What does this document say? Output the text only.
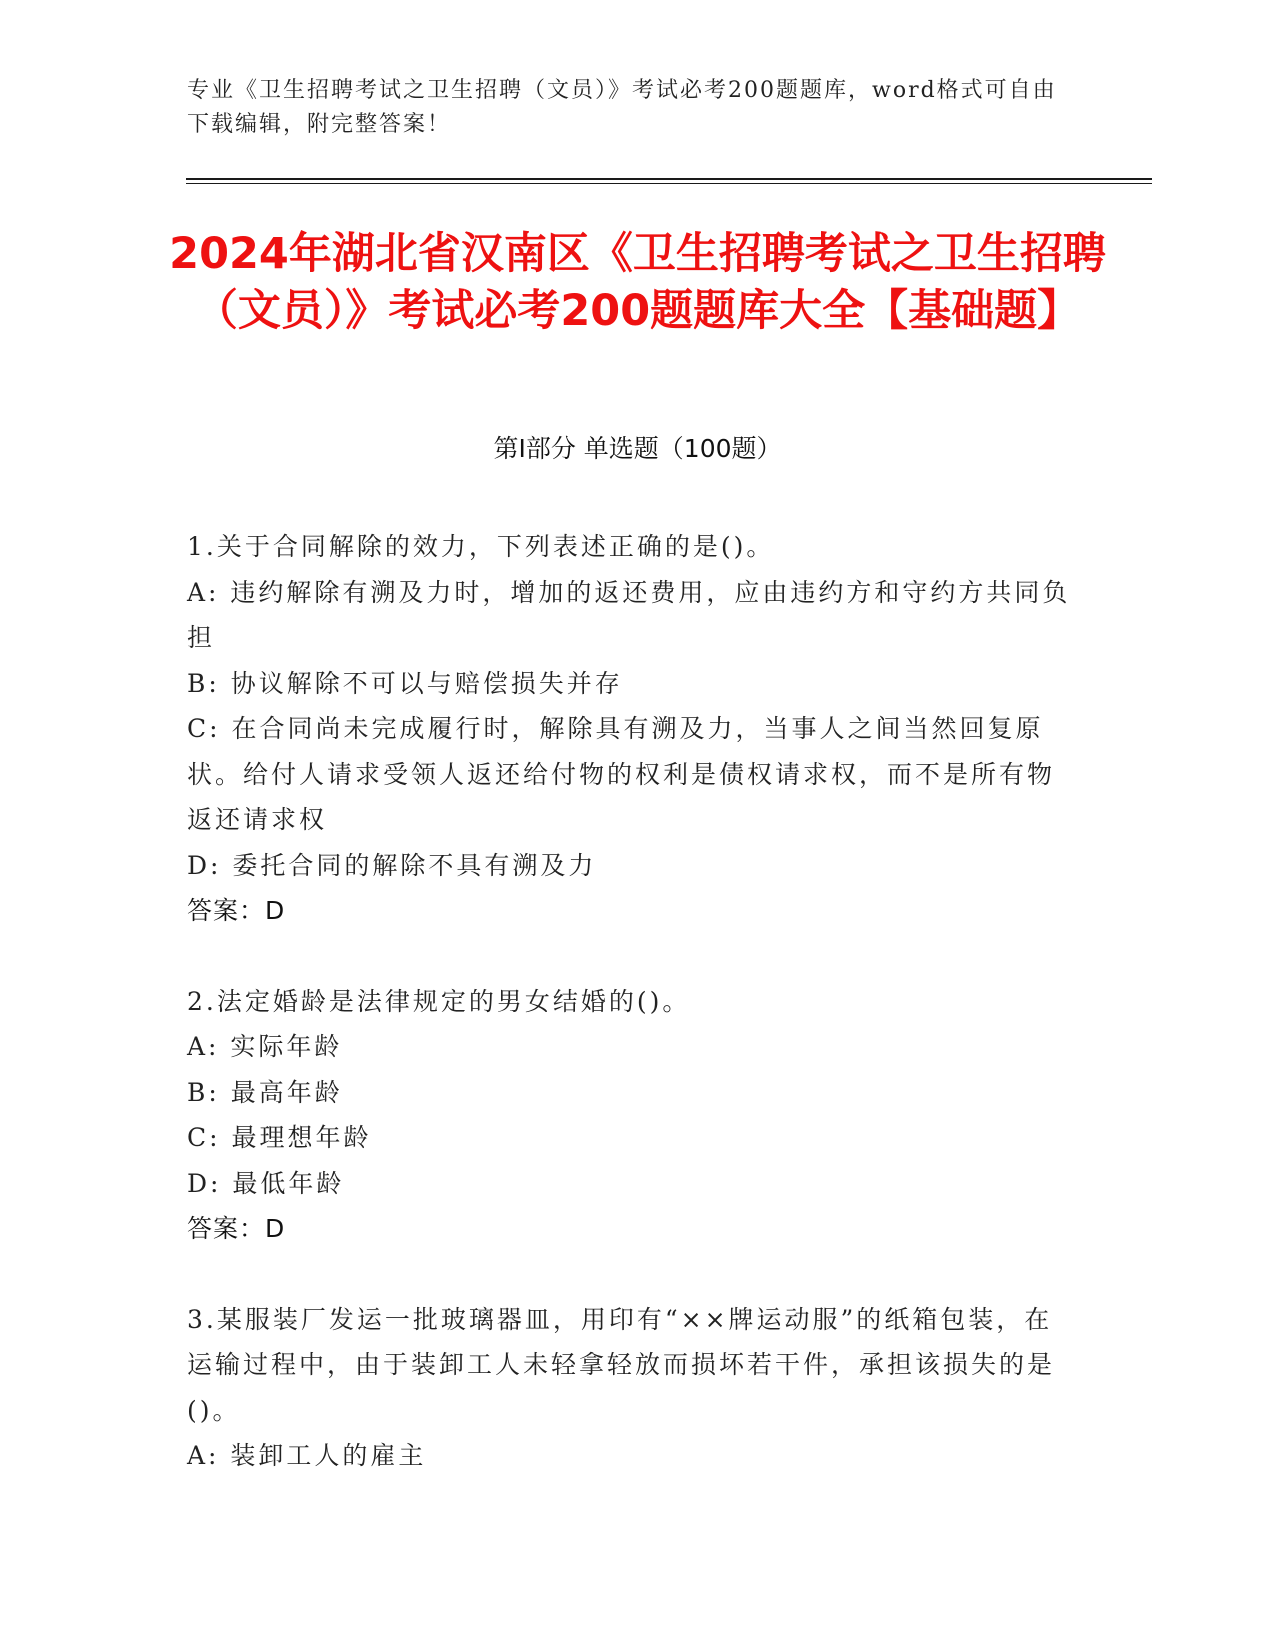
专业《卫生招聘考试之卫生招聘（文员）》考试必考200题题库，word格式可自由下载编辑，附完整答案！
2024年湖北省汉南区《卫生招聘考试之卫生招聘（文员）》考试必考200题题库大全【基础题】
第I部分 单选题（100题）

1.关于合同解除的效力，下列表述正确的是()。

A: 违约解除有溯及力时，增加的返还费用，应由违约方和守约方共同负担

B: 协议解除不可以与赔偿损失并存

C: 在合同尚未完成履行时，解除具有溯及力，当事人之间当然回复原状。给付人请求受领人返还给付物的权利是债权请求权，而不是所有物返还请求权

D: 委托合同的解除不具有溯及力

答案：D

2.法定婚龄是法律规定的男女结婚的()。

A: 实际年龄

B: 最高年龄

C: 最理想年龄

D: 最低年龄

答案：D

3.某服装厂发运一批玻璃器皿，用印有“××牌运动服”的纸箱包装，在运输过程中，由于装卸工人未轻拿轻放而损坏若干件，承担该损失的是()。

A: 装卸工人的雇主
